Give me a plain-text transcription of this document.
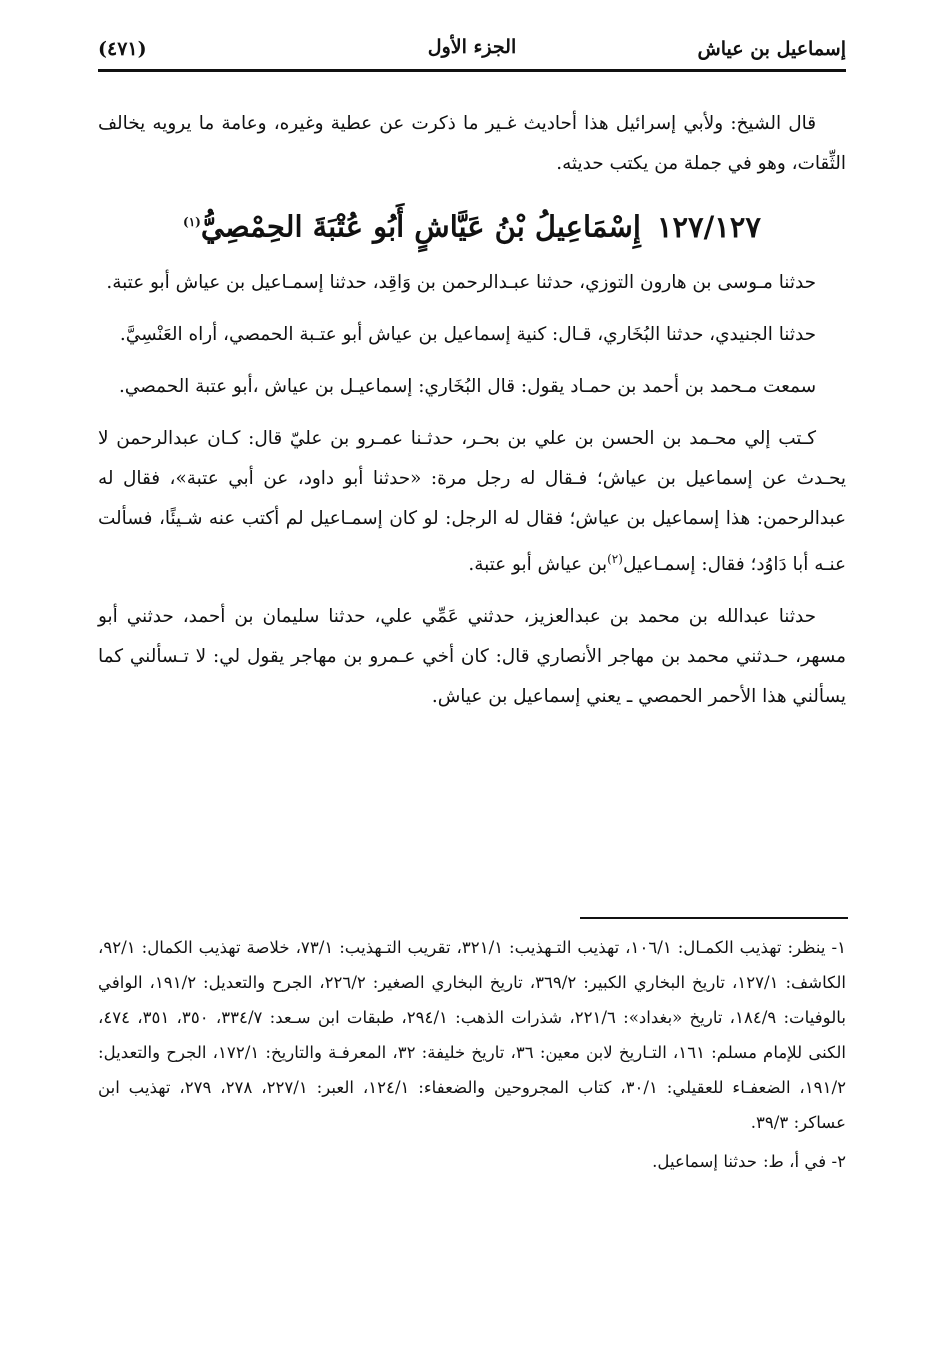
إسماعيل بن عياش
الجزء الأول
(٤٧١)

قال الشيخ: ولأبي إسرائيل هذا أحاديث غـير ما ذكرت عن عطية وغيره، وعامة ما يرويه يخالف الثِّقات، وهو في جملة من يكتب حديثه.

١٢٧/١٢٧إِسْمَاعِيلُ بْنُ عَيَّاشٍ أَبُو عُتْبَةَ الحِمْصِيُّ$^{(١)}$

حدثنا مـوسى بن هارون التوزي، حدثنا عبـدالرحمن بن وَاقِد، حدثنا إسمـاعيل بن عياش أبو عتبة.

حدثنا الجنيدي، حدثنا البُخَاري، قـال: كنية إسماعيل بن عياش أبو عتـبة الحمصي، أراه العَنْسِيَّ.

سمعت مـحمد بن أحمد بن حمـاد يقول: قال البُخَاري: إسماعيـل بن عياش ،أبو عتبة الحمصي.

كـتب إلي محـمد بن الحسن بن علي بن بحـر، حدثـنا عمـرو بن عليّ قال: كـان عبدالرحمن لا يحـدث عن إسماعيل بن عياش؛ فـقال له رجل مرة: «حدثنا أبو داود، عن أبي عتبة»، فقال له عبدالرحمن: هذا إسماعيل بن عياش؛ فقال له الرجل: لو كان إسمـاعيل لم أكتب عنه شـيئًا، فسألت عنـه أبا دَاوُد؛ فقال: إسمـاعيل$^{(٢)}$بن عياش أبو عتبة.

حدثنا عبدالله بن محمد بن عبدالعزيز، حدثني عَمِّي علي، حدثنا سليمان بن أحمد، حدثني أبو مسهر، حـدثني محمد بن مهاجر الأنصاري قال: كان أخي عـمرو بن مهاجر يقول لي: لا تـسألني كما يسألني هذا الأحمر الحمصي ـ يعني إسماعيل بن عياش.

١- ينظر:تهذيب الكمـال: ١٠٦/١، تهذيب التـهذيب: ٣٢١/١، تقريب التـهذيب: ٧٣/١، خلاصة تهذيب الكمال: ٩٢/١، الكاشف: ١٢٧/١، تاريخ البخاري الكبير: ٣٦٩/٢، تاريخ البخاري الصغير: ٢٢٦/٢، الجرح والتعديل: ١٩١/٢، الوافي بالوفيات: ١٨٤/٩، تاريخ «بغداد»: ٢٢١/٦، شذرات الذهب: ٢٩٤/١، طبقات ابن سـعد: ٣٣٤/٧، ٣٥٠، ٣٥١، ٤٧٤، الكنى للإمام مسلم: ١٦١، التـاريخ لابن معين: ٣٦، تاريخ خليفة: ٣٢، المعرفـة والتاريخ: ١٧٢/١، الجرح والتعديل: ١٩١/٢، الضعفـاء للعقيلي: ٣٠/١، كتاب المجروحين والضعفاء: ١٢٤/١، العبر: ٢٢٧/١، ٢٧٨، ٢٧٩، تهذيب ابن عساكر: ٣٩/٣.

٢- في أ، ط:حدثنا إسماعيل.
